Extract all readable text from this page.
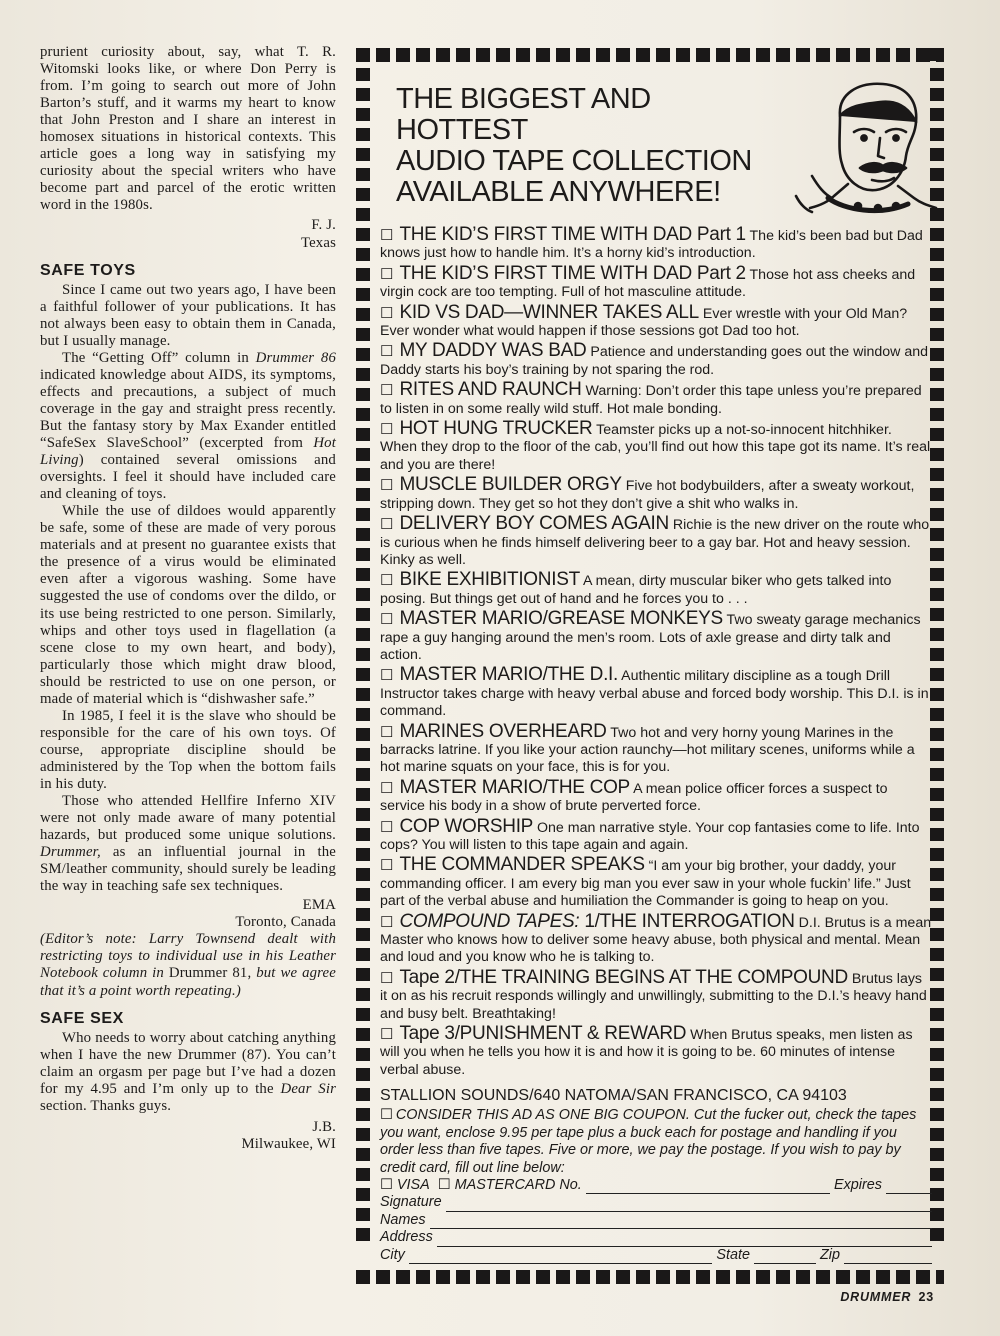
prurient curiosity about, say, what T. R. Witomski looks like, or where Don Perry is from. I’m going to search out more of John Barton’s stuff, and it warms my heart to know that John Preston and I share an interest in homosex situations in historical contexts. This article goes a long way in satisfying my curiosity about the special writers who have become part and parcel of the erotic written word in the 1980s.

F. J.

Texas

SAFE TOYS

Since I came out two years ago, I have been a faithful follower of your publications. It has not always been easy to obtain them in Canada, but I usually manage.

The “Getting Off” column in Drummer 86 indicated knowledge about AIDS, its symptoms, effects and precautions, a subject of much coverage in the gay and straight press recently. But the fantasy story by Max Exander entitled “SafeSex SlaveSchool” (excerpted from Hot Living) contained several omissions and oversights. I feel it should have included care and cleaning of toys.

While the use of dildoes would apparently be safe, some of these are made of very porous materials and at present no guarantee exists that the presence of a virus would be eliminated even after a vigorous washing. Some have suggested the use of condoms over the dildo, or its use being restricted to one person. Similarly, whips and other toys used in flagellation (a scene close to my own heart, and body), particularly those which might draw blood, should be restricted to use on one person, or made of material which is “dishwasher safe.”

In 1985, I feel it is the slave who should be responsible for the care of his own toys. Of course, appropriate discipline should be administered by the Top when the bottom fails in his duty.

Those who attended Hellfire Inferno XIV were not only made aware of many potential hazards, but produced some unique solutions. Drummer, as an influential journal in the SM/leather community, should surely be leading the way in teaching safe sex techniques.

EMA

Toronto, Canada

(Editor’s note: Larry Townsend dealt with restricting toys to individual use in his Leather Notebook column in Drummer 81, but we agree that it’s a point worth repeating.)

SAFE SEX

Who needs to worry about catching anything when I have the new Drummer (87). You can’t claim an orgasm per page but I’ve had a dozen for my 4.95 and I’m only up to the Dear Sir section. Thanks guys.

J.B.

Milwaukee, WI

THE BIGGEST AND HOTTEST
AUDIO TAPE COLLECTION
AVAILABLE ANYWHERE!
☐ THE KID’S FIRST TIME WITH DAD Part 1 The kid’s been bad but Dad knows just how to handle him. It’s a horny kid’s introduction.
☐ THE KID’S FIRST TIME WITH DAD Part 2 Those hot ass cheeks and virgin cock are too tempting. Full of hot masculine attitude.
☐ KID VS DAD—WINNER TAKES ALL Ever wrestle with your Old Man? Ever wonder what would happen if those sessions got Dad too hot.
☐ MY DADDY WAS BAD Patience and understanding goes out the window and Daddy starts his boy’s training by not sparing the rod.
☐ RITES AND RAUNCH Warning: Don’t order this tape unless you’re prepared to listen in on some really wild stuff. Hot male bonding.
☐ HOT HUNG TRUCKER Teamster picks up a not-so-innocent hitchhiker. When they drop to the floor of the cab, you’ll find out how this tape got its name. It’s real and you are there!
☐ MUSCLE BUILDER ORGY Five hot bodybuilders, after a sweaty workout, stripping down. They get so hot they don’t give a shit who walks in.
☐ DELIVERY BOY COMES AGAIN Richie is the new driver on the route who is curious when he finds himself delivering beer to a gay bar. Hot and heavy session. Kinky as well.
☐ BIKE EXHIBITIONIST A mean, dirty muscular biker who gets talked into posing. But things get out of hand and he forces you to . . .
☐ MASTER MARIO/GREASE MONKEYS Two sweaty garage mechanics rape a guy hanging around the men’s room. Lots of axle grease and dirty talk and action.
☐ MASTER MARIO/THE D.I. Authentic military discipline as a tough Drill Instructor takes charge with heavy verbal abuse and forced body worship. This D.I. is in command.
☐ MARINES OVERHEARD Two hot and very horny young Marines in the barracks latrine. If you like your action raunchy—hot military scenes, uniforms while a hot marine squats on your face, this is for you.
☐ MASTER MARIO/THE COP A mean police officer forces a suspect to service his body in a show of brute perverted force.
☐ COP WORSHIP One man narrative style. Your cop fantasies come to life. Into cops? You will listen to this tape again and again.
☐ THE COMMANDER SPEAKS “I am your big brother, your daddy, your commanding officer. I am every big man you ever saw in your whole fuckin’ life.” Just part of the verbal abuse and humiliation the Commander is going to heap on you.
☐ COMPOUND TAPES: 1/THE INTERROGATION D.I. Brutus is a mean Master who knows how to deliver some heavy abuse, both physical and mental. Mean and loud and you know who he is talking to.
☐ Tape 2/THE TRAINING BEGINS AT THE COMPOUND Brutus lays it on as his recruit responds willingly and unwillingly, submitting to the D.I.’s heavy hand and busy belt. Breathtaking!
☐ Tape 3/PUNISHMENT & REWARD When Brutus speaks, men listen as will you when he tells you how it is and how it is going to be. 60 minutes of intense verbal abuse.
STALLION SOUNDS/640 NATOMA/SAN FRANCISCO, CA 94103
☐ CONSIDER THIS AD AS ONE BIG COUPON. Cut the fucker out, check the tapes you want, enclose 9.95 per tape plus a buck each for postage and handling if you order less than five tapes. Five or more, we pay the postage. If you wish to pay by credit card, fill out line below:
☐ VISA ☐ MASTERCARD No.	Expires
Signature
Names
Address
City	State	Zip
DRUMMER 23
